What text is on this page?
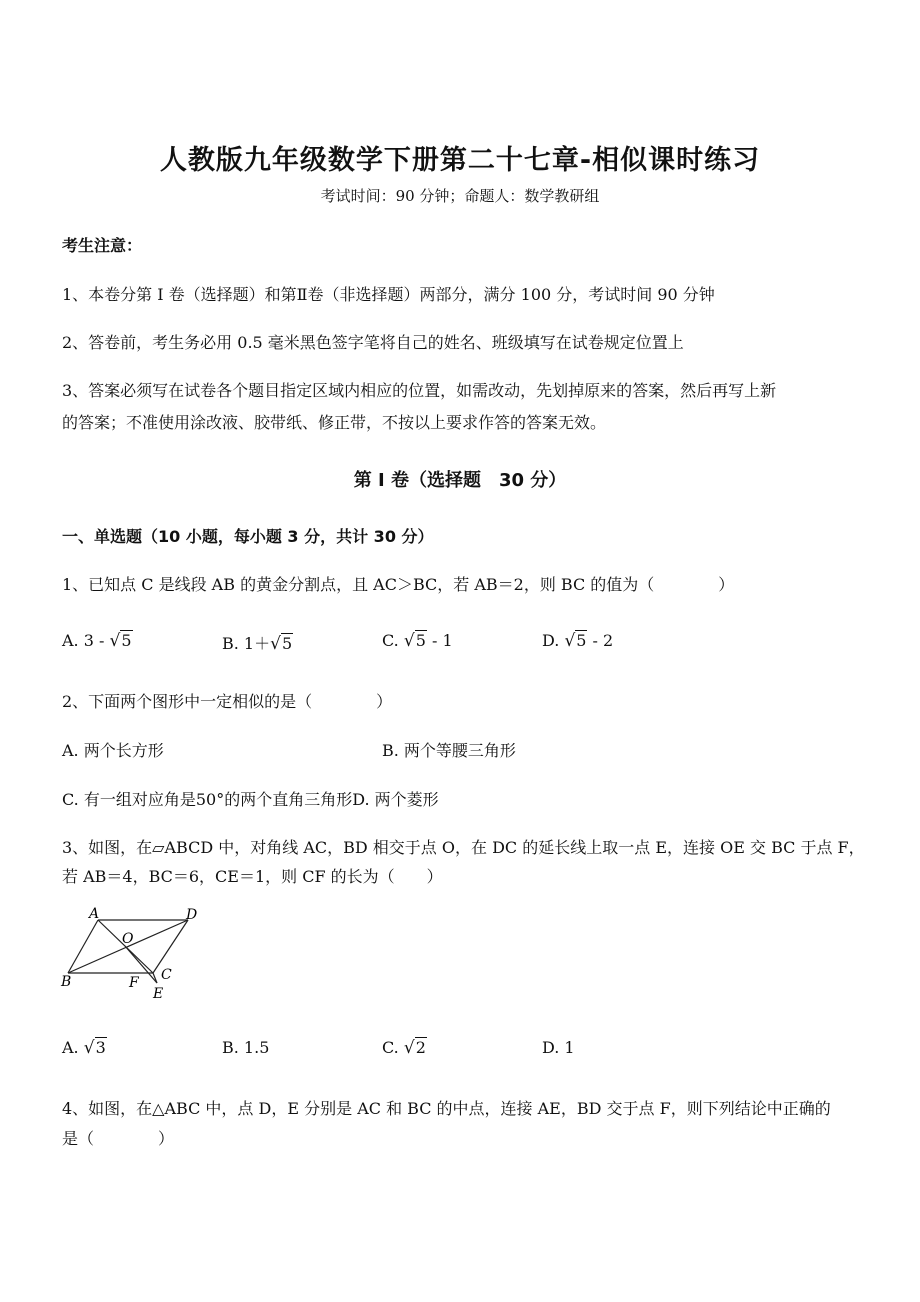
人教版九年级数学下册第二十七章-相似课时练习
考试时间：90 分钟；命题人：数学教研组
考生注意：
1、本卷分第 I 卷（选择题）和第Ⅱ卷（非选择题）两部分，满分 100 分，考试时间 90 分钟
2、答卷前，考生务必用 0.5 毫米黑色签字笔将自己的姓名、班级填写在试卷规定位置上
3、答案必须写在试卷各个题目指定区域内相应的位置，如需改动，先划掉原来的答案，然后再写上新
的答案；不准使用涂改液、胶带纸、修正带，不按以上要求作答的答案无效。
第 I 卷（选择题　30 分）
一、单选题（10 小题，每小题 3 分，共计 30 分）
1、已知点 C 是线段 AB 的黄金分割点，且 AC＞BC，若 AB＝2，则 BC 的值为（　　　　）
A. 3 - √5	B. 1＋√5	C. √5 - 1	D. √5 - 2
2、下面两个图形中一定相似的是（　　　　）
A. 两个长方形	B. 两个等腰三角形
C. 有一组对应角是50°的两个直角三角形D. 两个菱形
3、如图，在▱ABCD 中，对角线 AC，BD 相交于点 O，在 DC 的延长线上取一点 E，连接 OE 交 BC 于点 F，
若 AB＝4，BC＝6，CE＝1，则 CF 的长为（　　）
A	D
O
B	F C
E
A. √3	B. 1.5	C. √2	D. 1
4、如图，在△ABC 中，点 D，E 分别是 AC 和 BC 的中点，连接 AE，BD 交于点 F，则下列结论中正确的
是（　　　　）
